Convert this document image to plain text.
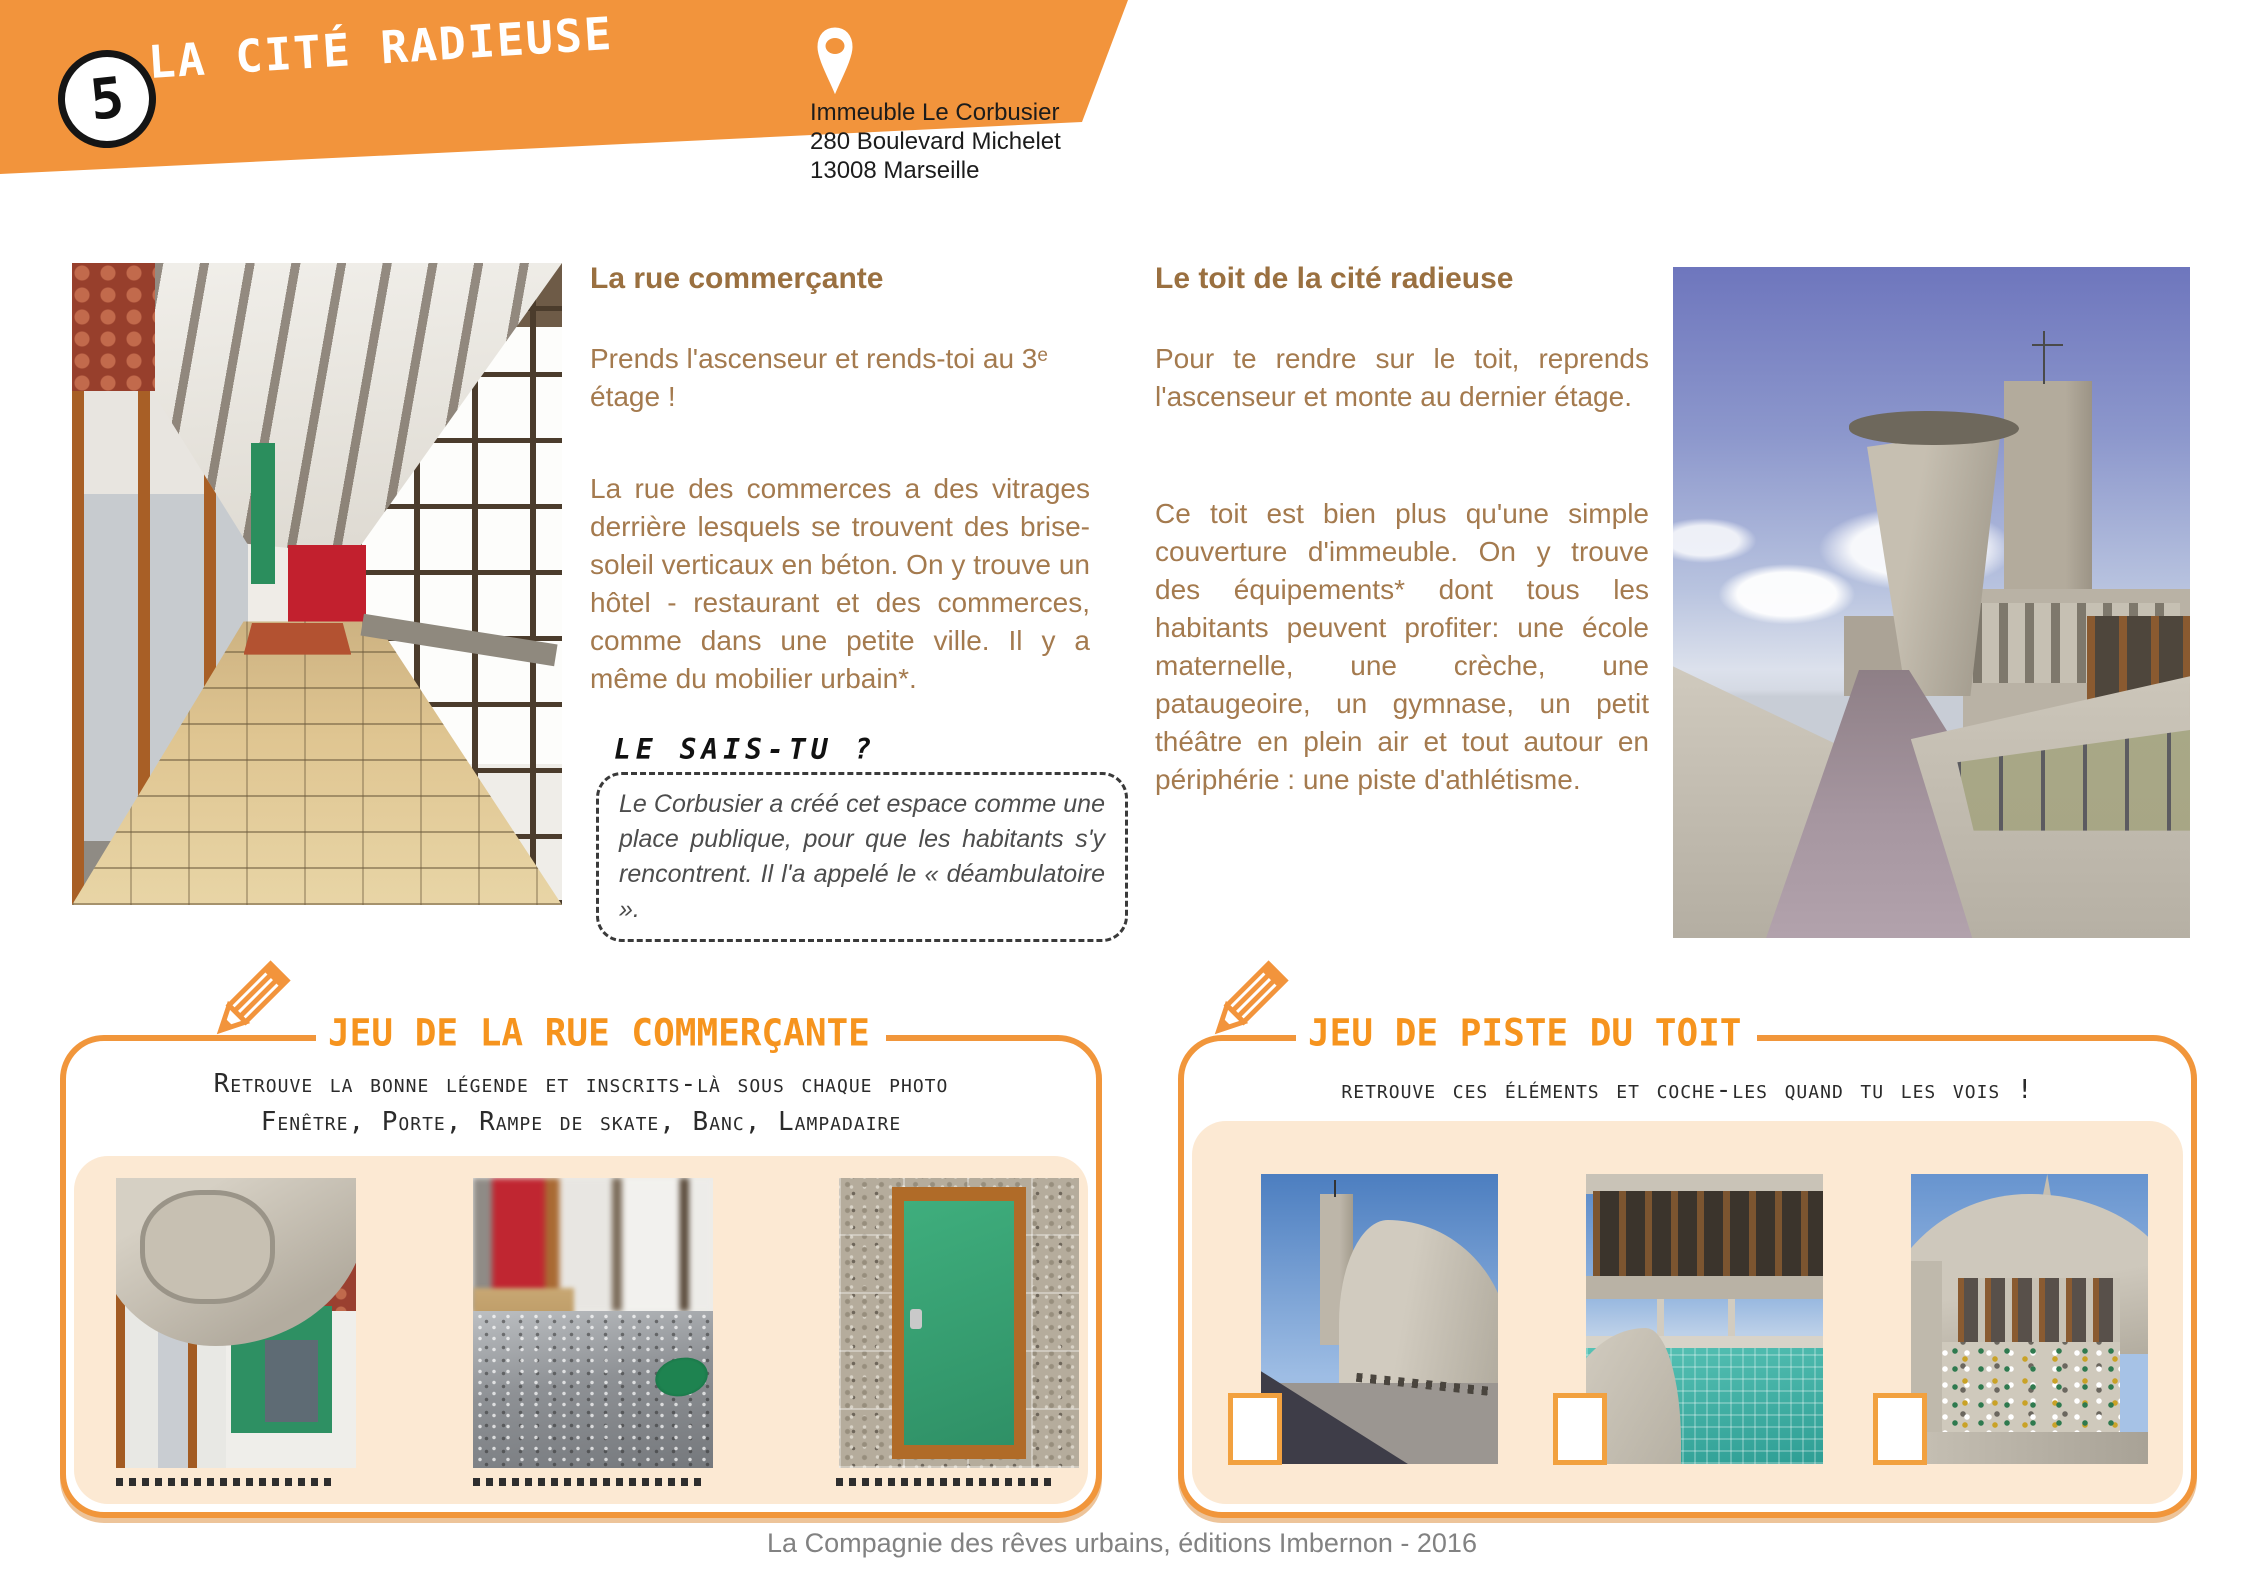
5
LA CITÉ RADIEUSE
Immeuble Le Corbusier
280 Boulevard Michelet
13008 Marseille
La rue commerçante
Prends l'ascenseur et rends-toi au 3ᵉ étage !
La rue des commerces a des vitrages derrière lesquels se trouvent des brise-soleil verticaux en béton. On y trouve un hôtel - restaurant et des commerces, comme dans une petite ville. Il y a même du mobilier urbain*.
LE SAIS-TU ?
Le Corbusier a créé cet espace comme une place publique, pour que les habitants s'y rencontrent. Il l'a appelé le « déambulatoire ».
Le toit de la cité radieuse
Pour te rendre sur le toit, reprends l'ascenseur et monte au dernier étage.
Ce toit est bien plus qu'une simple couverture d'immeuble. On y trouve des équipements* dont tous les habitants peuvent profiter: une école maternelle, une crèche, une pataugeoire, un gymnase, un petit théâtre en plein air et tout autour en périphérie : une piste d'athlétisme.
JEU DE LA RUE COMMERÇANTE
Retrouve la bonne légende et inscrits-là sous chaque photo
Fenêtre, Porte, Rampe de skate, Banc, Lampadaire
JEU DE PISTE DU TOIT
retrouve ces éléments et coche-les quand tu les vois !
La Compagnie des rêves urbains, éditions Imbernon - 2016
